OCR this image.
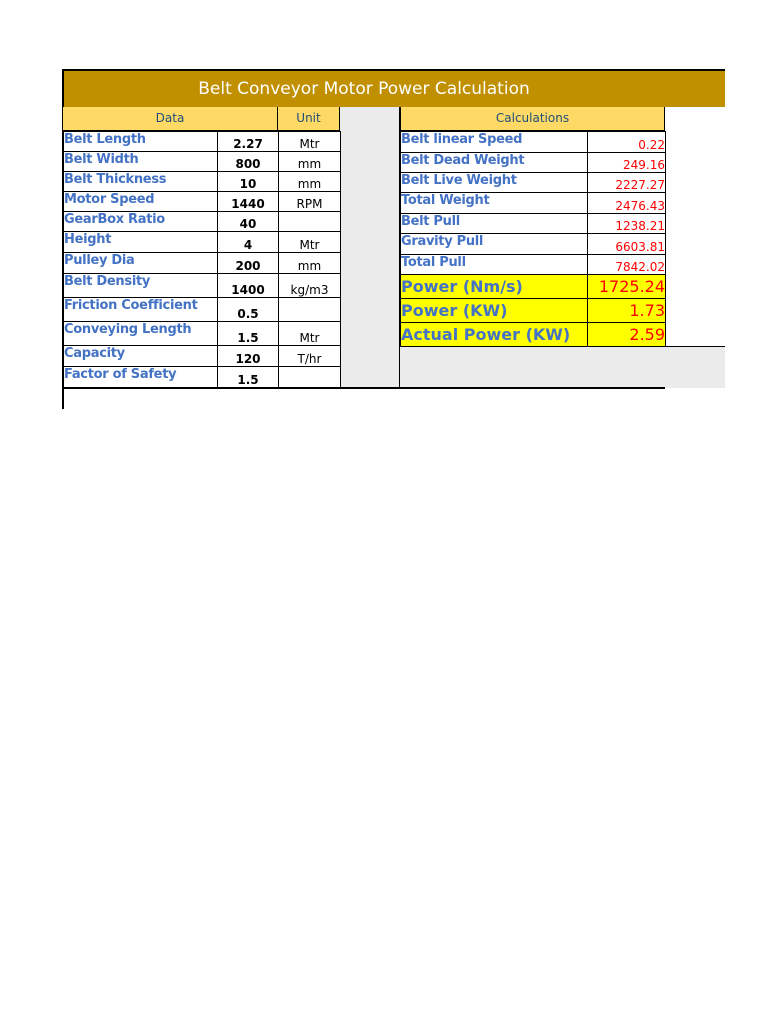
Belt Conveyor Motor Power Calculation
Data	Unit	Calculations
Belt Length	2.27	Mtr
Belt Width	800	mm
Belt Thickness	10	mm
Motor Speed	1440	RPM
GearBox Ratio	40	
Height	4	Mtr
Pulley Dia	200	mm
Belt Density	1400	kg/m3
Friction Coefficient	0.5	
Conveying Length	1.5	Mtr
Capacity	120	T/hr
Factor of Safety	1.5	
Belt linear Speed	0.22
Belt Dead Weight	249.16
Belt Live Weight	2227.27
Total Weight	2476.43
Belt Pull	1238.21
Gravity Pull	6603.81
Total Pull	7842.02
Power (Nm/s)	1725.24
Power (KW)	1.73
Actual Power (KW)	2.59
